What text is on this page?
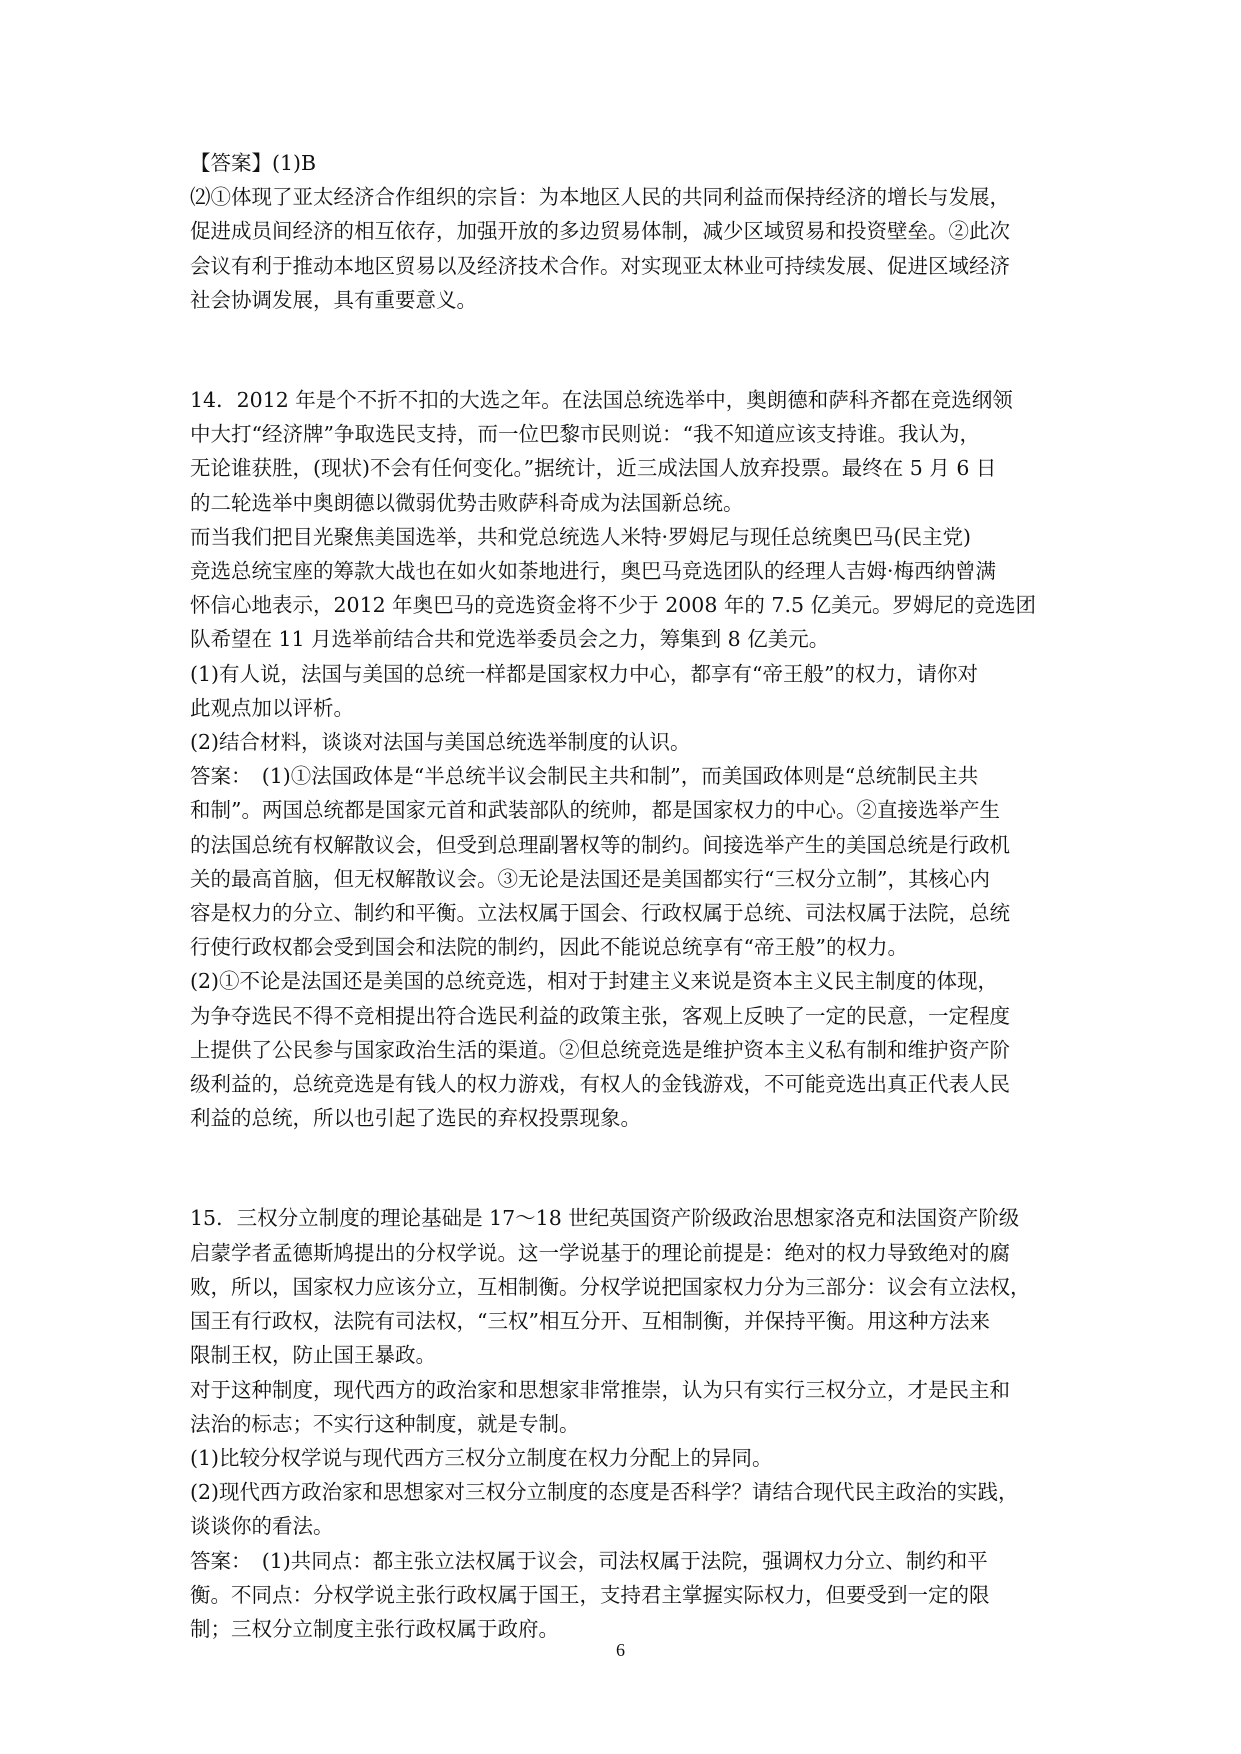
【答案】(1)B

⑵①体现了亚太经济合作组织的宗旨：为本地区人民的共同利益而保持经济的增长与发展，

促进成员间经济的相互依存，加强开放的多边贸易体制，减少区域贸易和投资壁垒。②此次

会议有利于推动本地区贸易以及经济技术合作。对实现亚太林业可持续发展、促进区域经济

社会协调发展，具有重要意义。

14．2012 年是个不折不扣的大选之年。在法国总统选举中，奥朗德和萨科齐都在竞选纲领

中大打“经济牌”争取选民支持，而一位巴黎市民则说：“我不知道应该支持谁。我认为，

无论谁获胜，(现状)不会有任何变化。”据统计，近三成法国人放弃投票。最终在 5 月 6 日

的二轮选举中奥朗德以微弱优势击败萨科奇成为法国新总统。

而当我们把目光聚焦美国选举，共和党总统选人米特·罗姆尼与现任总统奥巴马(民主党)

竞选总统宝座的筹款大战也在如火如荼地进行，奥巴马竞选团队的经理人吉姆·梅西纳曾满

怀信心地表示，2012 年奥巴马的竞选资金将不少于 2008 年的 7.5 亿美元。罗姆尼的竞选团

队希望在 11 月选举前结合共和党选举委员会之力，筹集到 8 亿美元。

(1)有人说，法国与美国的总统一样都是国家权力中心，都享有“帝王般”的权力，请你对

此观点加以评析。

(2)结合材料，谈谈对法国与美国总统选举制度的认识。

答案：　(1)①法国政体是“半总统半议会制民主共和制”，而美国政体则是“总统制民主共

和制”。两国总统都是国家元首和武装部队的统帅，都是国家权力的中心。②直接选举产生

的法国总统有权解散议会，但受到总理副署权等的制约。间接选举产生的美国总统是行政机

关的最高首脑，但无权解散议会。③无论是法国还是美国都实行“三权分立制”，其核心内

容是权力的分立、制约和平衡。立法权属于国会、行政权属于总统、司法权属于法院，总统

行使行政权都会受到国会和法院的制约，因此不能说总统享有“帝王般”的权力。

(2)①不论是法国还是美国的总统竞选，相对于封建主义来说是资本主义民主制度的体现，

为争夺选民不得不竞相提出符合选民利益的政策主张，客观上反映了一定的民意，一定程度

上提供了公民参与国家政治生活的渠道。②但总统竞选是维护资本主义私有制和维护资产阶

级利益的，总统竞选是有钱人的权力游戏，有权人的金钱游戏，不可能竞选出真正代表人民

利益的总统，所以也引起了选民的弃权投票现象。

15．三权分立制度的理论基础是 17～18 世纪英国资产阶级政治思想家洛克和法国资产阶级

启蒙学者孟德斯鸠提出的分权学说。这一学说基于的理论前提是：绝对的权力导致绝对的腐

败，所以，国家权力应该分立，互相制衡。分权学说把国家权力分为三部分：议会有立法权，

国王有行政权，法院有司法权，“三权”相互分开、互相制衡，并保持平衡。用这种方法来

限制王权，防止国王暴政。

对于这种制度，现代西方的政治家和思想家非常推崇，认为只有实行三权分立，才是民主和

法治的标志；不实行这种制度，就是专制。

(1)比较分权学说与现代西方三权分立制度在权力分配上的异同。

(2)现代西方政治家和思想家对三权分立制度的态度是否科学？请结合现代民主政治的实践，

谈谈你的看法。

答案：　(1)共同点：都主张立法权属于议会，司法权属于法院，强调权力分立、制约和平

衡。不同点：分权学说主张行政权属于国王，支持君主掌握实际权力，但要受到一定的限

制；三权分立制度主张行政权属于政府。

6
